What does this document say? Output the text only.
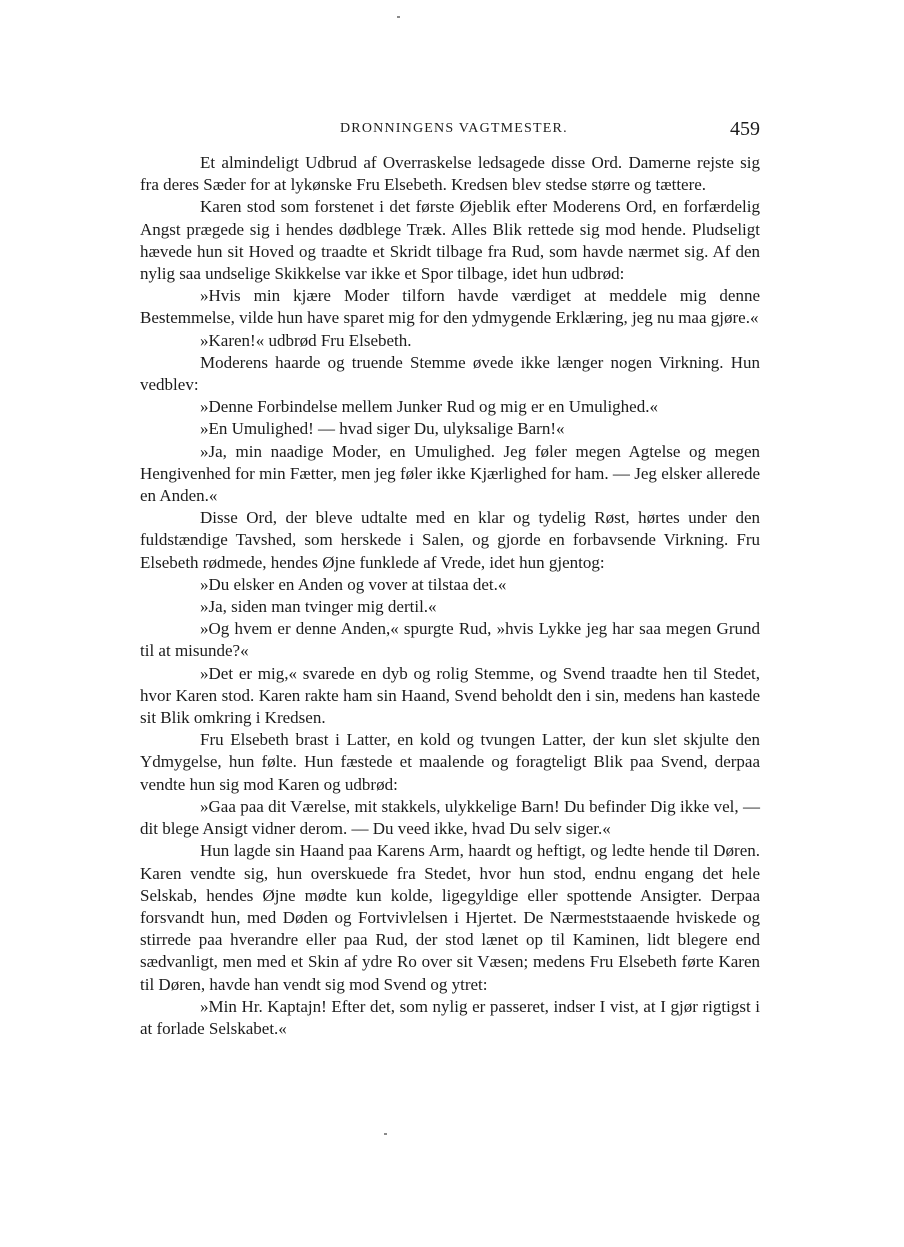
DRONNINGENS VAGTMESTER.	459

Et almindeligt Udbrud af Overraskelse ledsagede disse Ord. Damerne rejste sig fra deres Sæder for at lykønske Fru Elsebeth. Kredsen blev stedse større og tættere.

Karen stod som forstenet i det første Øjeblik efter Moderens Ord, en forfærdelig Angst prægede sig i hendes dødblege Træk. Alles Blik rettede sig mod hende. Pludseligt hævede hun sit Hoved og traadte et Skridt tilbage fra Rud, som havde nærmet sig. Af den nylig saa undselige Skikkelse var ikke et Spor tilbage, idet hun udbrød:

»Hvis min kjære Moder tilforn havde værdiget at meddele mig denne Bestemmelse, vilde hun have sparet mig for den ydmygende Erklæring, jeg nu maa gjøre.«

»Karen!« udbrød Fru Elsebeth.

Moderens haarde og truende Stemme øvede ikke længer nogen Virkning. Hun vedblev:

»Denne Forbindelse mellem Junker Rud og mig er en Umulighed.«

»En Umulighed! — hvad siger Du, ulyksalige Barn!«

»Ja, min naadige Moder, en Umulighed. Jeg føler megen Agtelse og megen Hengivenhed for min Fætter, men jeg føler ikke Kjærlighed for ham. — Jeg elsker allerede en Anden.«

Disse Ord, der bleve udtalte med en klar og tydelig Røst, hørtes under den fuldstændige Tavshed, som herskede i Salen, og gjorde en forbavsende Virkning. Fru Elsebeth rødmede, hendes Øjne funklede af Vrede, idet hun gjentog:

»Du elsker en Anden og vover at tilstaa det.«

»Ja, siden man tvinger mig dertil.«

»Og hvem er denne Anden,« spurgte Rud, »hvis Lykke jeg har saa megen Grund til at misunde?«

»Det er mig,« svarede en dyb og rolig Stemme, og Svend traadte hen til Stedet, hvor Karen stod. Karen rakte ham sin Haand, Svend beholdt den i sin, medens han kastede sit Blik omkring i Kredsen.

Fru Elsebeth brast i Latter, en kold og tvungen Latter, der kun slet skjulte den Ydmygelse, hun følte. Hun fæstede et maalende og foragteligt Blik paa Svend, derpaa vendte hun sig mod Karen og udbrød:

»Gaa paa dit Værelse, mit stakkels, ulykkelige Barn! Du befinder Dig ikke vel, — dit blege Ansigt vidner derom. — Du veed ikke, hvad Du selv siger.«

Hun lagde sin Haand paa Karens Arm, haardt og heftigt, og ledte hende til Døren. Karen vendte sig, hun overskuede fra Stedet, hvor hun stod, endnu engang det hele Selskab, hendes Øjne mødte kun kolde, ligegyldige eller spottende Ansigter. Derpaa forsvandt hun, med Døden og Fortvivlelsen i Hjertet. De Nærmeststaaende hviskede og stirrede paa hverandre eller paa Rud, der stod lænet op til Kaminen, lidt blegere end sædvanligt, men med et Skin af ydre Ro over sit Væsen; medens Fru Elsebeth førte Karen til Døren, havde han vendt sig mod Svend og ytret:

»Min Hr. Kaptajn! Efter det, som nylig er passeret, indser I vist, at I gjør rigtigst i at forlade Selskabet.«
